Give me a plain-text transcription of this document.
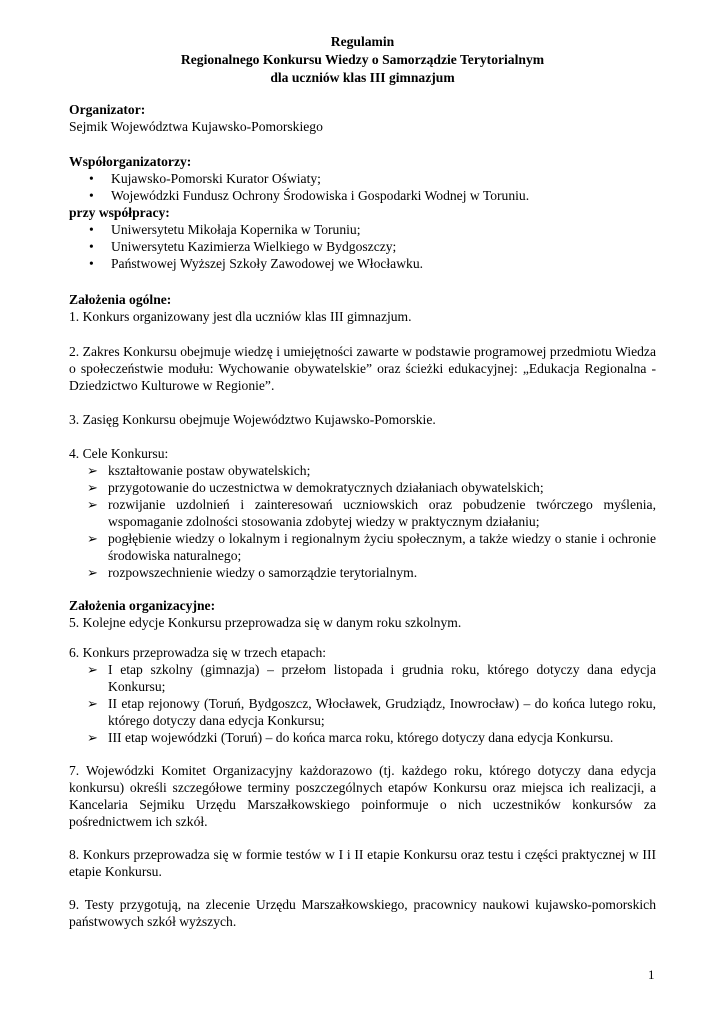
Regulamin
Regionalnego Konkursu Wiedzy o Samorządzie Terytorialnym
dla uczniów klas III gimnazjum
Organizator:
Sejmik Województwa Kujawsko-Pomorskiego
Współorganizatorzy:
• Kujawsko-Pomorski Kurator Oświaty;
• Wojewódzki Fundusz Ochrony Środowiska i Gospodarki Wodnej w Toruniu.
przy współpracy:
• Uniwersytetu Mikołaja Kopernika w Toruniu;
• Uniwersytetu Kazimierza Wielkiego w Bydgoszczy;
• Państwowej Wyższej Szkoły Zawodowej we Włocławku.
Założenia ogólne:
1. Konkurs organizowany jest dla uczniów klas III gimnazjum.
2. Zakres Konkursu obejmuje wiedzę i umiejętności zawarte w podstawie programowej przedmiotu Wiedza o społeczeństwie modułu: Wychowanie obywatelskie” oraz ścieżki edukacyjnej: „Edukacja Regionalna - Dziedzictwo Kulturowe w Regionie”.
3. Zasięg Konkursu obejmuje Województwo Kujawsko-Pomorskie.
4. Cele Konkursu:
➢ kształtowanie postaw obywatelskich;
➢ przygotowanie do uczestnictwa w demokratycznych działaniach obywatelskich;
➢ rozwijanie uzdolnień i zainteresowań uczniowskich oraz pobudzenie twórczego myślenia, wspomaganie zdolności stosowania zdobytej wiedzy w praktycznym działaniu;
➢ pogłębienie wiedzy o lokalnym i regionalnym życiu społecznym, a także wiedzy o stanie i ochronie środowiska naturalnego;
➢ rozpowszechnienie wiedzy o samorządzie terytorialnym.
Założenia organizacyjne:
5. Kolejne edycje Konkursu przeprowadza się w danym roku szkolnym.
6. Konkurs przeprowadza się w trzech etapach:
➢ I etap szkolny (gimnazja) – przełom listopada i grudnia roku, którego dotyczy dana edycja Konkursu;
➢ II etap rejonowy (Toruń, Bydgoszcz, Włocławek, Grudziądz, Inowrocław) – do końca lutego roku, którego dotyczy dana edycja Konkursu;
➢ III etap wojewódzki (Toruń) – do końca marca roku, którego dotyczy dana edycja Konkursu.
7. Wojewódzki Komitet Organizacyjny każdorazowo (tj. każdego roku, którego dotyczy dana edycja konkursu) określi szczegółowe terminy poszczególnych etapów Konkursu oraz miejsca ich realizacji, a Kancelaria Sejmiku Urzędu Marszałkowskiego poinformuje o nich uczestników konkursów za pośrednictwem ich szkół.
8. Konkurs przeprowadza się w formie testów w I i II etapie Konkursu oraz testu i części praktycznej w III etapie Konkursu.
9. Testy przygotują, na zlecenie Urzędu Marszałkowskiego, pracownicy naukowi kujawsko-pomorskich państwowych szkół wyższych.
1
